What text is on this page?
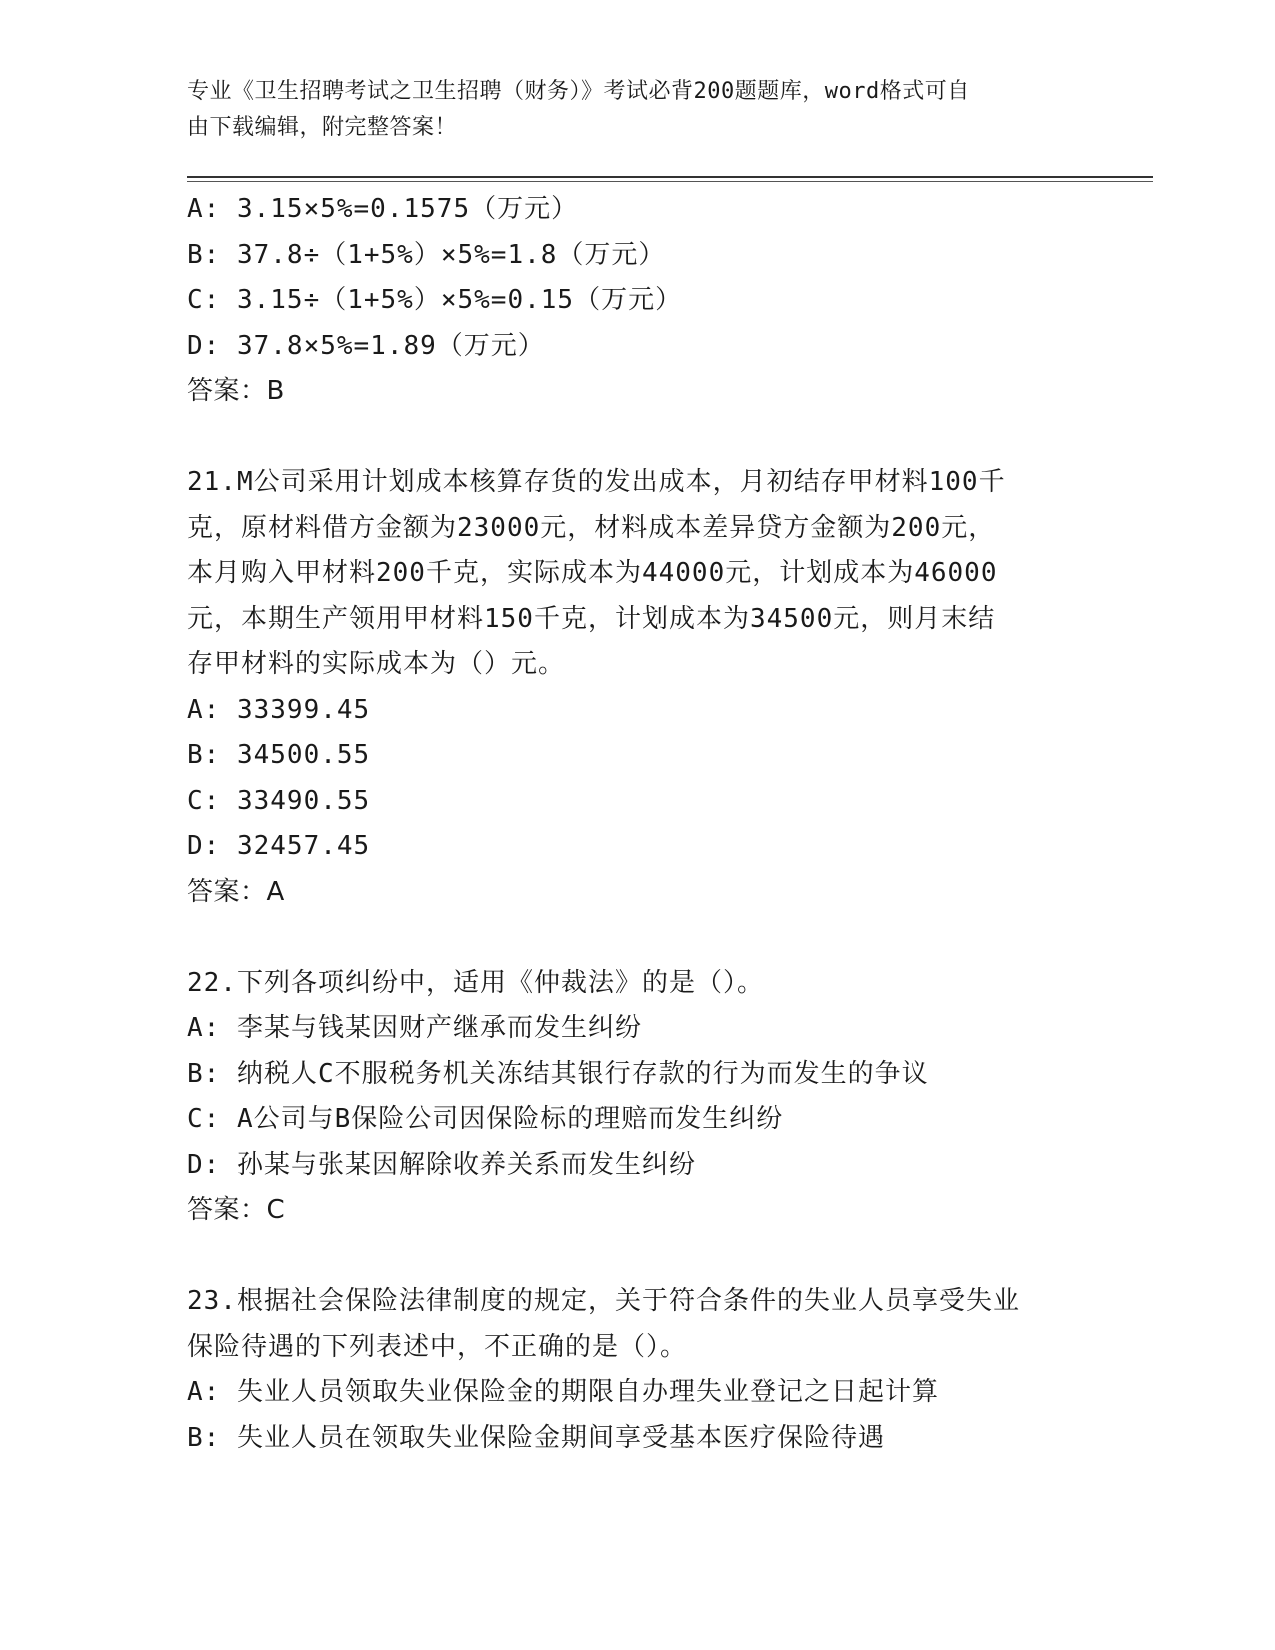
专业《卫生招聘考试之卫生招聘（财务）》考试必背200题题库，word格式可自
由下载编辑，附完整答案！
A: 3.15×5%=0.1575（万元）
B: 37.8÷（1+5%）×5%=1.8（万元）
C: 3.15÷（1+5%）×5%=0.15（万元）
D: 37.8×5%=1.89（万元）
答案：B
21.M公司采用计划成本核算存货的发出成本，月初结存甲材料100千
克，原材料借方金额为23000元，材料成本差异贷方金额为200元，
本月购入甲材料200千克，实际成本为44000元，计划成本为46000
元，本期生产领用甲材料150千克，计划成本为34500元，则月末结
存甲材料的实际成本为（）元。
A: 33399.45
B: 34500.55
C: 33490.55
D: 32457.45
答案：A
22.下列各项纠纷中，适用《仲裁法》的是（）。
A: 李某与钱某因财产继承而发生纠纷
B: 纳税人C不服税务机关冻结其银行存款的行为而发生的争议
C: A公司与B保险公司因保险标的理赔而发生纠纷
D: 孙某与张某因解除收养关系而发生纠纷
答案：C
23.根据社会保险法律制度的规定，关于符合条件的失业人员享受失业
保险待遇的下列表述中，不正确的是（）。
A: 失业人员领取失业保险金的期限自办理失业登记之日起计算
B: 失业人员在领取失业保险金期间享受基本医疗保险待遇
